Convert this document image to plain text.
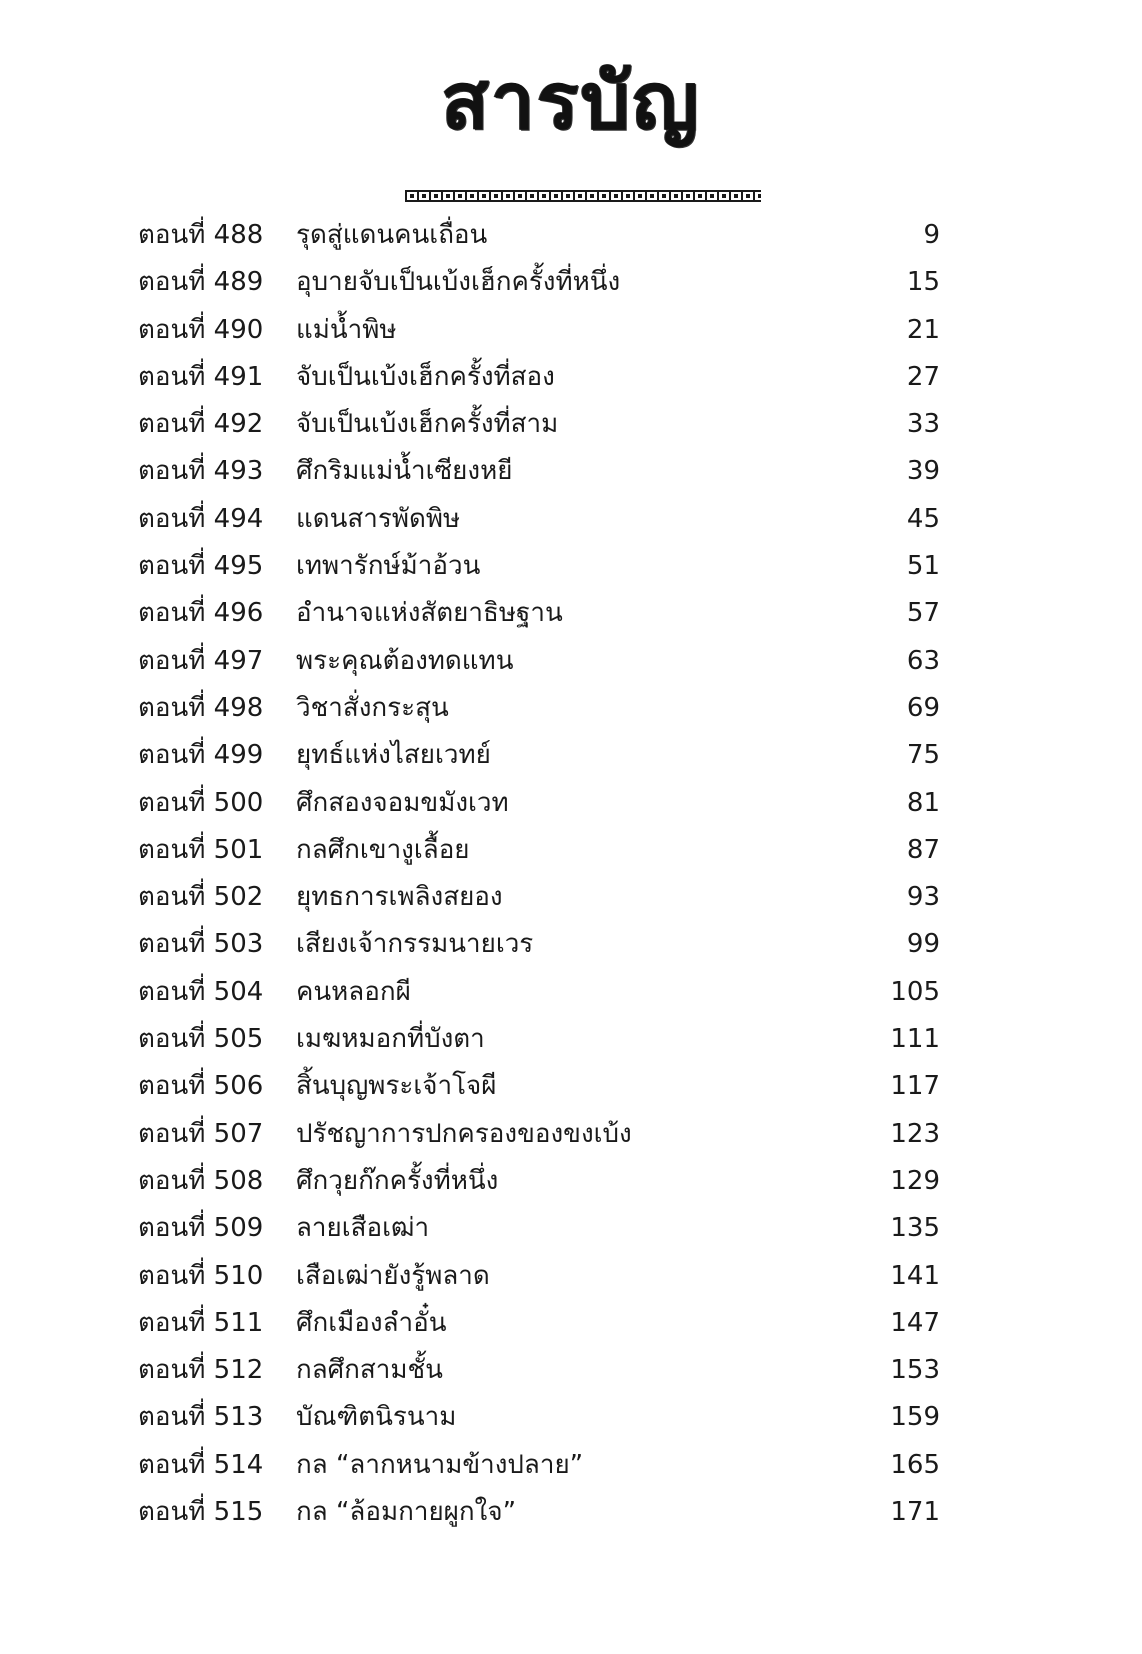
สารบัญ
ตอนที่ 488 รุดสู่แดนคนเถื่อน	9
ตอนที่ 489 อุบายจับเป็นเบ้งเฮ็กครั้งที่หนึ่ง	15
ตอนที่ 490 แม่น้ำพิษ	21
ตอนที่ 491 จับเป็นเบ้งเฮ็กครั้งที่สอง	27
ตอนที่ 492 จับเป็นเบ้งเฮ็กครั้งที่สาม	33
ตอนที่ 493 ศึกริมแม่น้ำเซียงหยี	39
ตอนที่ 494 แดนสารพัดพิษ	45
ตอนที่ 495 เทพารักษ์ม้าอ้วน	51
ตอนที่ 496 อำนาจแห่งสัตยาธิษฐาน	57
ตอนที่ 497 พระคุณต้องทดแทน	63
ตอนที่ 498 วิชาสั่งกระสุน	69
ตอนที่ 499 ยุทธ์แห่งไสยเวทย์	75
ตอนที่ 500 ศึกสองจอมขมังเวท	81
ตอนที่ 501 กลศึกเขางูเลื้อย	87
ตอนที่ 502 ยุทธการเพลิงสยอง	93
ตอนที่ 503 เสียงเจ้ากรรมนายเวร	99
ตอนที่ 504 คนหลอกผี	105
ตอนที่ 505 เมฆหมอกที่บังตา	111
ตอนที่ 506 สิ้นบุญพระเจ้าโจผี	117
ตอนที่ 507 ปรัชญาการปกครองของขงเบ้ง	123
ตอนที่ 508 ศึกวุยก๊กครั้งที่หนึ่ง	129
ตอนที่ 509 ลายเสือเฒ่า	135
ตอนที่ 510 เสือเฒ่ายังรู้พลาด	141
ตอนที่ 511 ศึกเมืองลำอั๋น	147
ตอนที่ 512 กลศึกสามชั้น	153
ตอนที่ 513 บัณฑิตนิรนาม	159
ตอนที่ 514 กล “ลากหนามข้างปลาย”	165
ตอนที่ 515 กล “ล้อมกายผูกใจ”	171
